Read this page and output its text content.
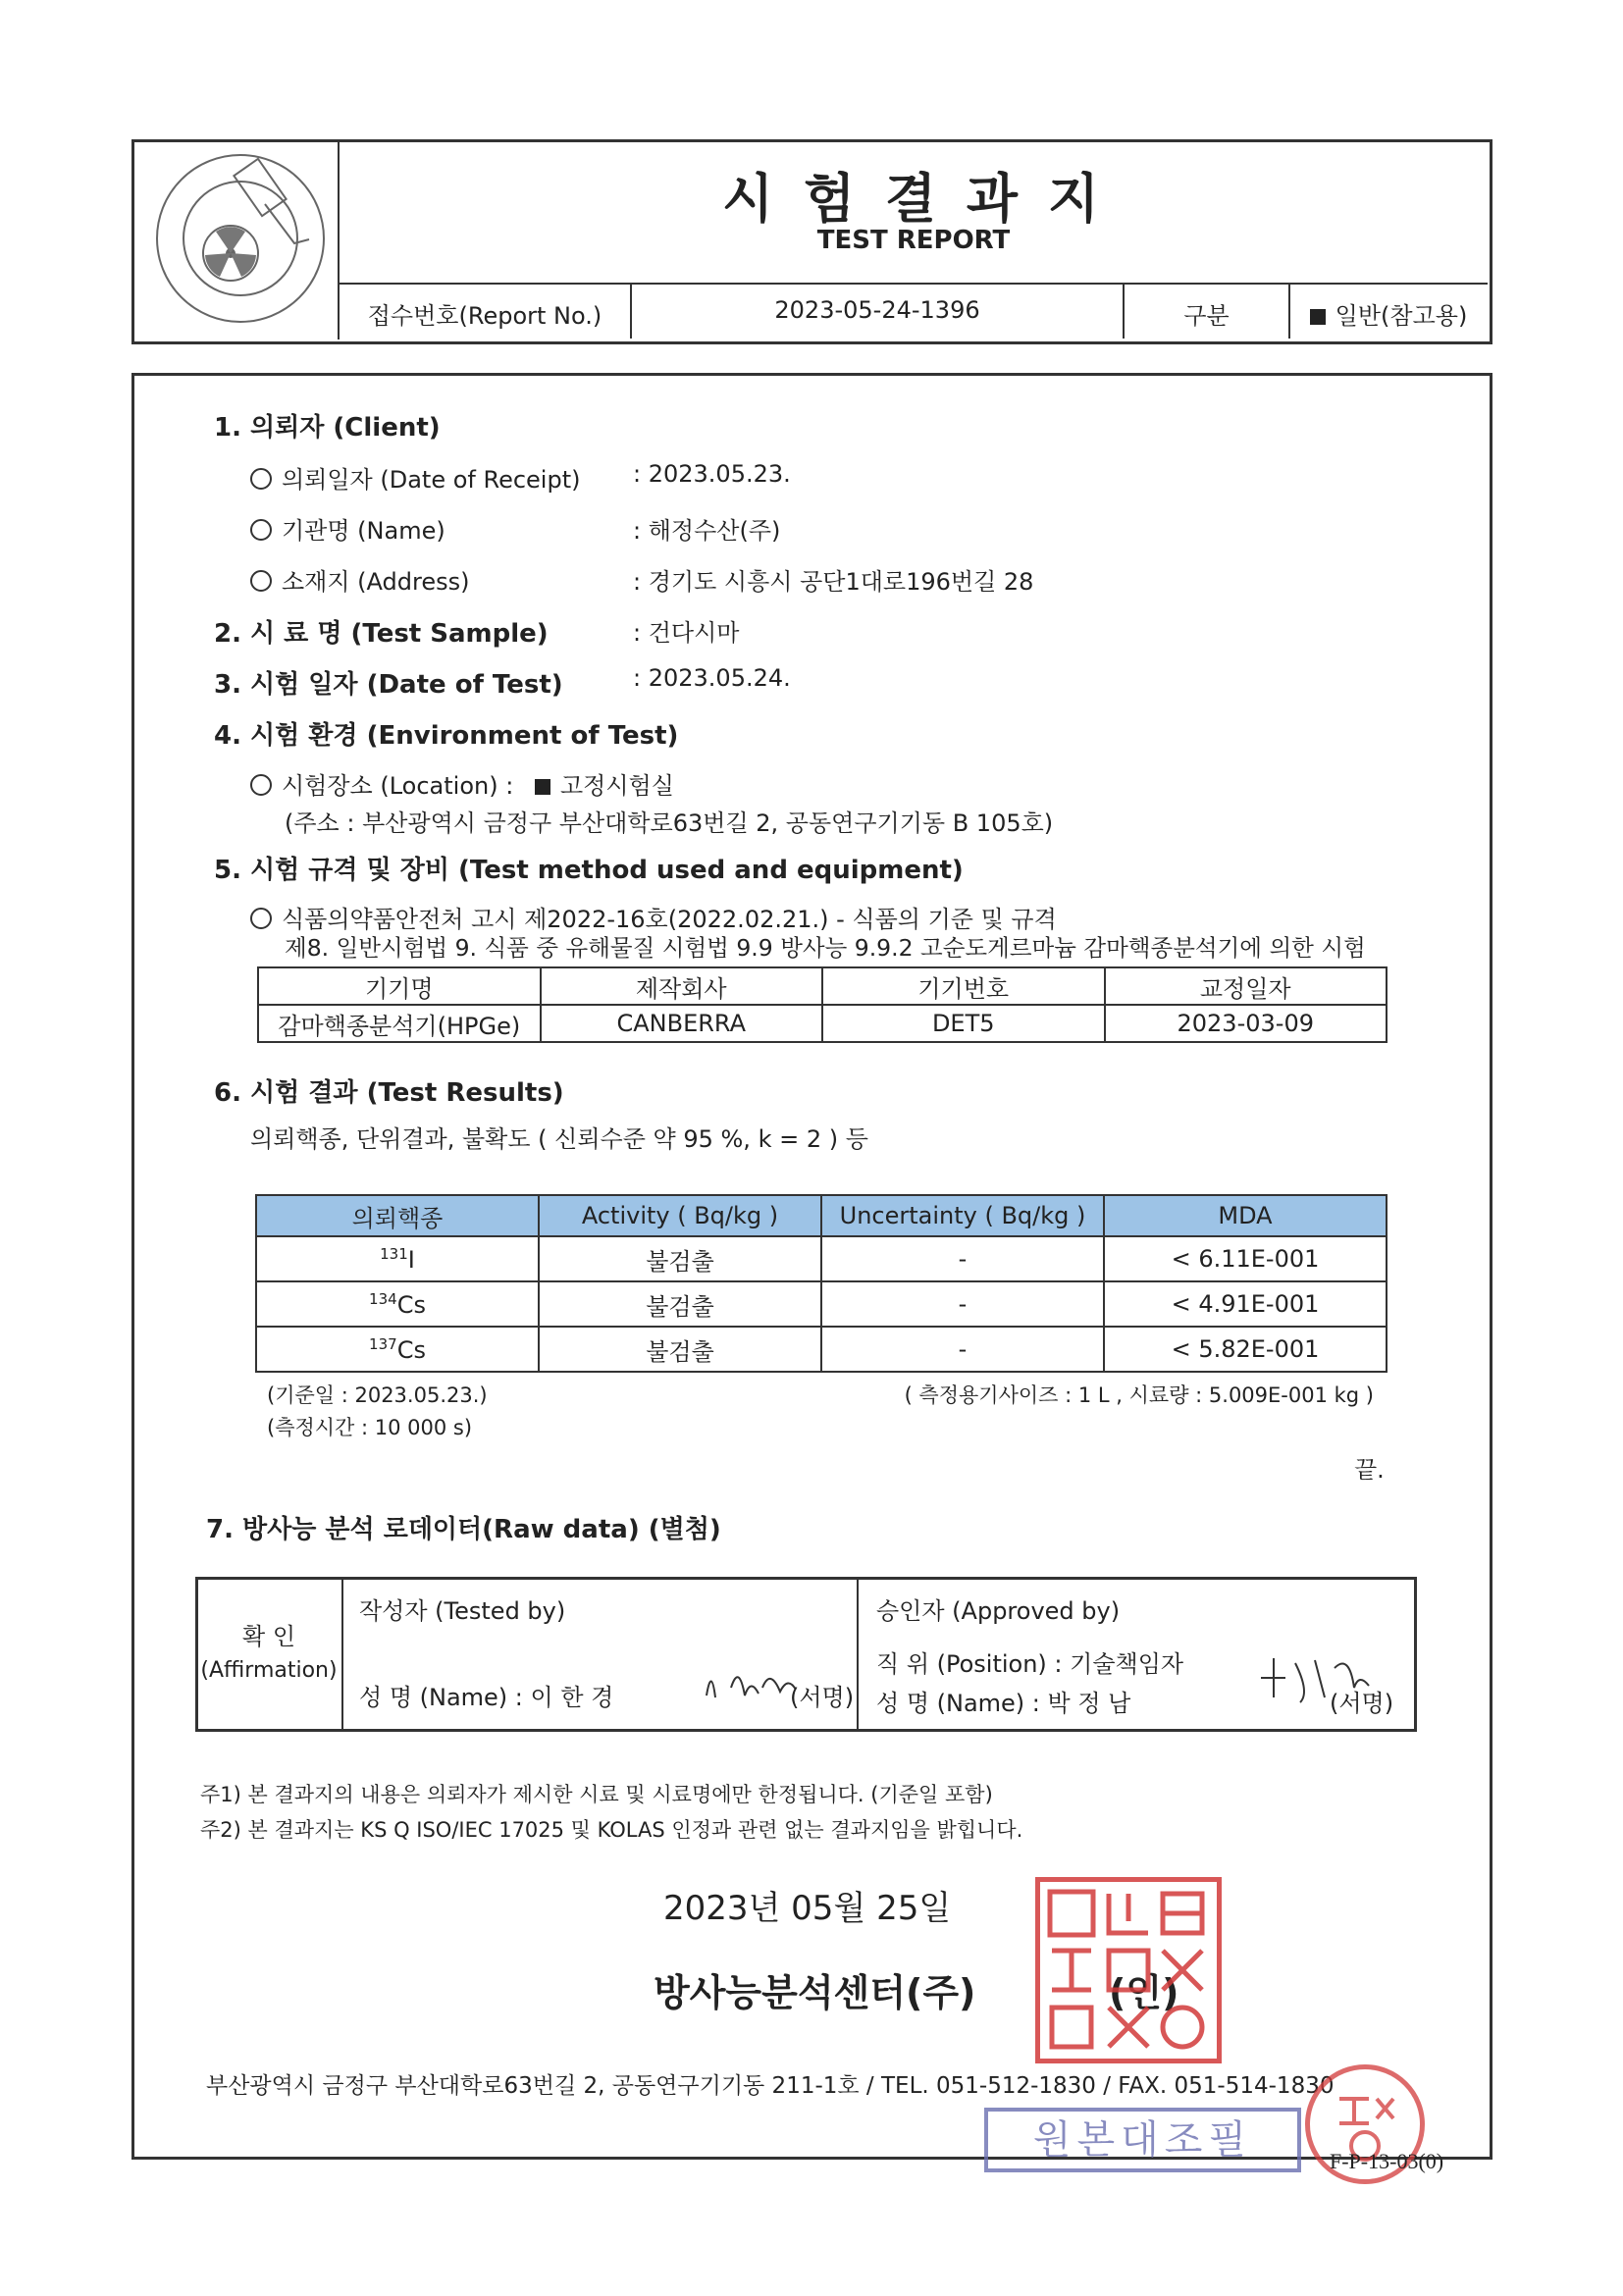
시 험 결 과 지
TEST REPORT
접수번호(Report No.)	2023-05-24-1396	구분	일반(참고용)
1. 의뢰자 (Client)
의뢰일자 (Date of Receipt) : 2023.05.23.
기관명 (Name)	: 해정수산(주)
소재지 (Address)	: 경기도 시흥시 공단1대로196번길 28
2. 시 료 명 (Test Sample)	: 건다시마
3. 시험 일자 (Date of Test)	: 2023.05.24.
4. 시험 환경 (Environment of Test)
시험장소 (Location) : 고정시험실
(주소 : 부산광역시 금정구 부산대학로63번길 2, 공동연구기기동 B 105호)
5. 시험 규격 및 장비 (Test method used and equipment)
식품의약품안전처 고시 제2022-16호(2022.02.21.) - 식품의 기준 및 규격
제8. 일반시험법 9. 식품 중 유해물질 시험법 9.9 방사능 9.9.2 고순도게르마늄 감마핵종분석기에 의한 시험
기기명	제작회사	기기번호	교정일자
감마핵종분석기(HPGe)	CANBERRA	DET5	2023-03-09
6. 시험 결과 (Test Results)
의뢰핵종, 단위결과, 불확도 ( 신뢰수준 약 95 %, k = 2 ) 등
의뢰핵종	Activity ( Bq/kg )	Uncertainty ( Bq/kg )	MDA
$^{131}$I	불검출	-	< 6.11E-001
$^{134}$Cs	불검출	-	< 4.91E-001
$^{137}$Cs	불검출	-	< 5.82E-001
(기준일 : 2023.05.23.)
(측정시간 : 10 000 s)
( 측정용기사이즈 : 1 L , 시료량 : 5.009E-001 kg )
끝.
7. 방사능 분석 로데이터(Raw data) (별첨)
확 인
(Affirmation)
작성자 (Tested by)
성 명 (Name) : 이 한 경	(서명)
승인자 (Approved by)
직 위 (Position) : 기술책임자
성 명 (Name) : 박 정 남	(서명)
주1) 본 결과지의 내용은 의뢰자가 제시한 시료 및 시료명에만 한정됩니다. (기준일 포함)
주2) 본 결과지는 KS Q ISO/IEC 17025 및 KOLAS 인정과 관련 없는 결과지임을 밝힙니다.
2023년 05월 25일
방사능분석센터(주)	(인)
부산광역시 금정구 부산대학로63번길 2, 공동연구기기동 211-1호 / TEL. 051-512-1830 / FAX. 051-514-1830
원본대조필	F-P-13-03(0)
